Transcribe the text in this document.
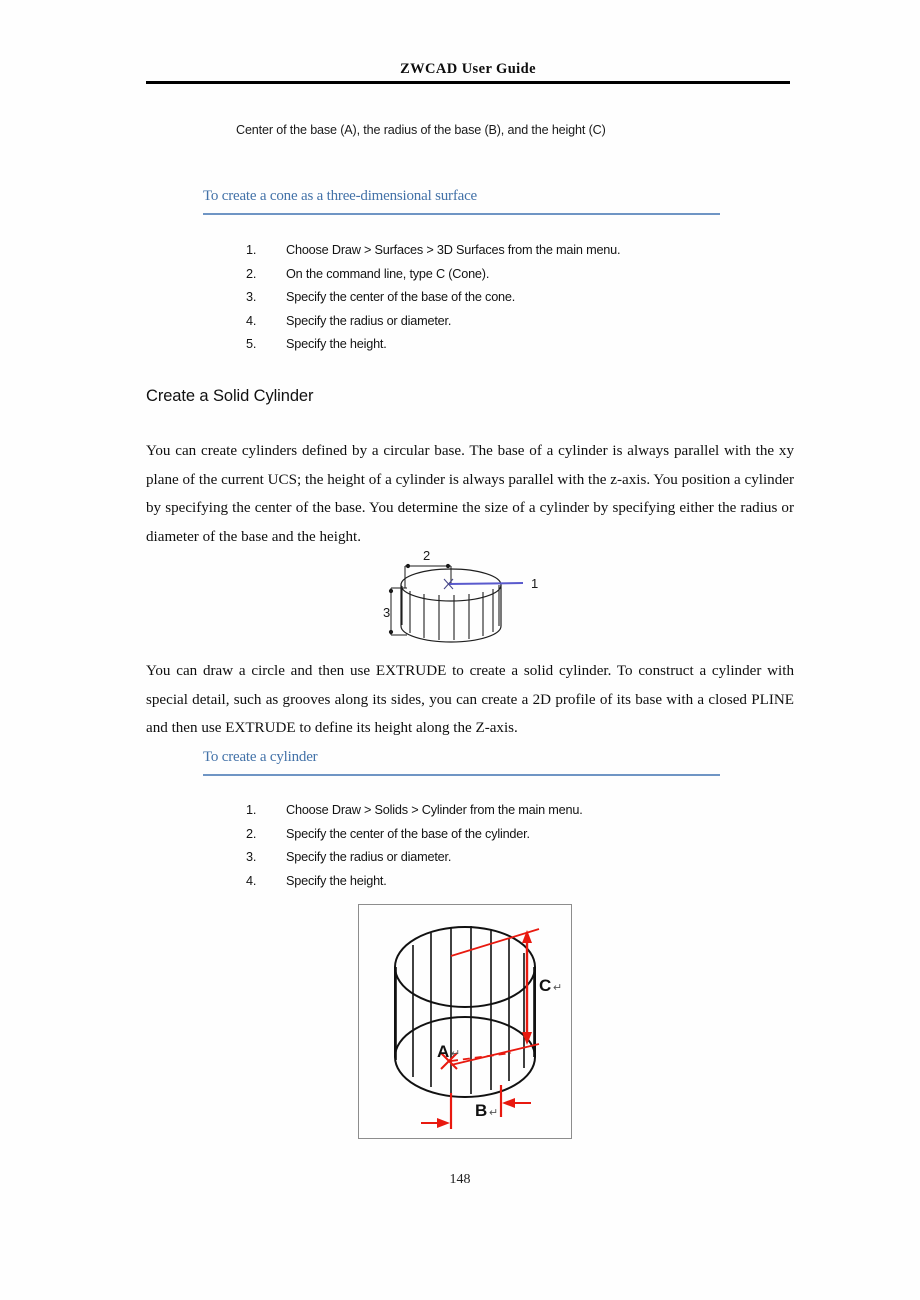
ZWCAD User Guide
Center of the base (A), the radius of the base (B), and the height (C)
To create a cone as a three-dimensional surface
1.	Choose Draw > Surfaces > 3D Surfaces from the main menu.
2.	On the command line, type C (Cone).
3.	Specify the center of the base of the cone.
4.	Specify the radius or diameter.
5.	Specify the height.
Create a Solid Cylinder

You can create cylinders defined by a circular base. The base of a cylinder is always parallel with the xy plane of the current UCS; the height of a cylinder is always parallel with the z-axis. You position a cylinder by specifying the center of the base. You determine the size of a cylinder by specifying either the radius or diameter of the base and the height.

2
3
1

You can draw a circle and then use EXTRUDE to create a solid cylinder. To construct a cylinder with special detail, such as grooves along its sides, you can create a 2D profile of its base with a closed PLINE and then use EXTRUDE to define its height along the Z-axis.

To create a cylinder
1.	Choose Draw > Solids > Cylinder from the main menu.
2.	Specify the center of the base of the cylinder.
3.	Specify the radius or diameter.
4.	Specify the height.
A ↵
B ↵
C ↵
148
